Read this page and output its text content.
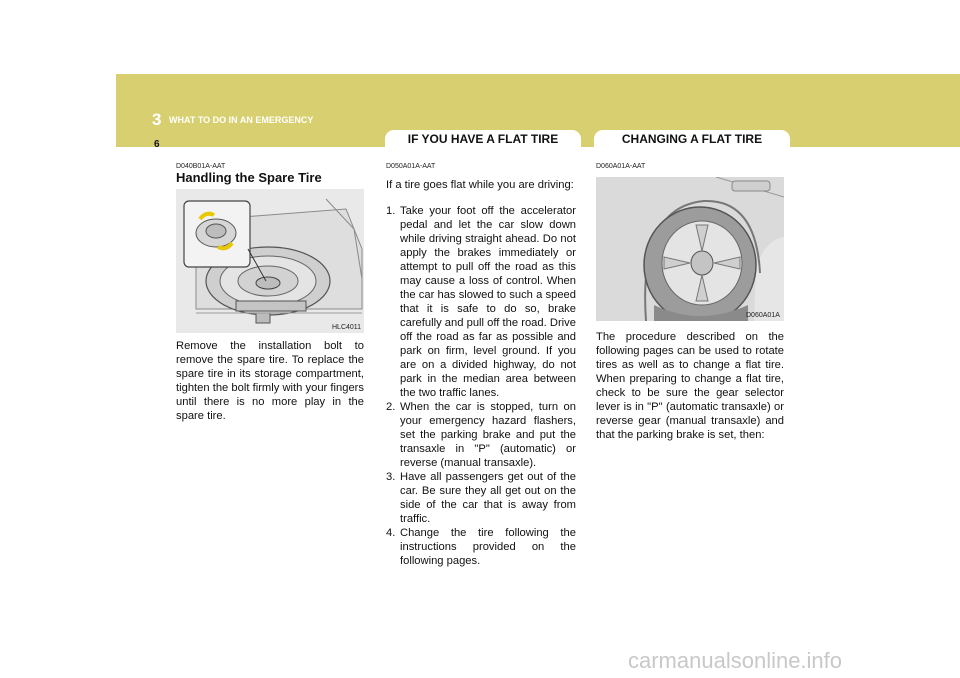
3 WHAT TO DO IN AN EMERGENCY
6	IF YOU HAVE A FLAT TIRE	CHANGING A FLAT TIRE
D040B01A-AAT
Handling the Spare Tire
HLC4011

Remove the installation bolt to remove the spare tire. To replace the spare tire in its storage compartment, tighten the bolt firmly with your fingers until there is no more play in the spare tire.

D050A01A-AAT

If a tire goes flat while you are driving:

1. Take your foot off the accelerator pedal and let the car slow down while driving straight ahead. Do not apply the brakes immediately or attempt to pull off the road as this may cause a loss of control. When the car has slowed to such a speed that it is safe to do so, brake carefully and pull off the road. Drive off the road as far as possible and park on firm, level ground. If you are on a divided highway, do not park in the median area between the two traffic lanes.
2. When the car is stopped, turn on your emergency hazard flashers, set the parking brake and put the transaxle in "P" (automatic) or reverse (manual transaxle).
3. Have all passengers get out of the car. Be sure they all get out on the side of the car that is away from traffic.
4. Change the tire following the instructions provided on the following pages.
D060A01A-AAT
D060A01A

The procedure described on the following pages can be used to rotate tires as well as to change a flat tire. When preparing to change a flat tire, check to be sure the gear selector lever is in "P" (automatic transaxle) or reverse gear (manual transaxle) and that the parking brake is set, then:

carmanualsonline.info
